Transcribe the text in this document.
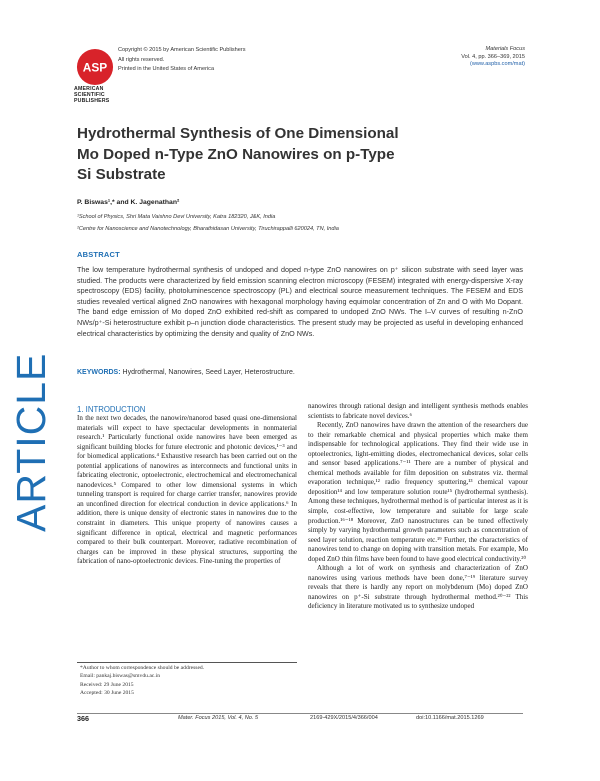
ASP
AMERICAN
SCIENTIFIC
PUBLISHERS
Copyright © 2015 by American Scientific Publishers
All rights reserved.
Printed in the United States of America
Materials Focus
Vol. 4, pp. 366–369, 2015
(www.aspbs.com/mat)
ARTICLE
Hydrothermal Synthesis of One Dimensional
Mo Doped n-Type ZnO Nanowires on p-Type
Si Substrate
P. Biswas¹,* and K. Jagenathan²
¹School of Physics, Shri Mata Vaishno Devi University, Katra 182320, J&K, India
²Centre for Nanoscience and Nanotechnology, Bharathidasan University, Tiruchirappalli 620024, TN, India
ABSTRACT
The low temperature hydrothermal synthesis of undoped and doped n-type ZnO nanowires on p⁺ silicon substrate with seed layer was studied. The products were characterized by field emission scanning electron microscopy (FESEM) integrated with energy-dispersive X-ray spectroscopy (EDS) facility, photoluminescence spectroscopy (PL) and electrical source measurement techniques. The FESEM and EDS studies revealed vertical aligned ZnO nanowires with hexagonal morphology having equimolar concentration of Zn and O with Mo Dopant. The band edge emission of Mo doped ZnO exhibited red-shift as compared to undoped ZnO NWs. The I–V curves of resulting n-ZnO NWs/p⁺-Si heterostructure exhibit p–n junction diode characteristics. The present study may be projected as useful in developing enhanced electrical characteristics by optimizing the density and quality of ZnO NWs.
KEYWORDS: Hydrothermal, Nanowires, Seed Layer, Heterostructure.
1. INTRODUCTION

In the next two decades, the nanowire/nanorod based quasi one-dimensional materials will expect to have spectacular developments in nonmaterial research.¹ Particularly functional oxide nanowires have been emerged as significant building blocks for future electronic and photonic devices,¹⁻³ and for biomedical applications.⁴ Exhaustive research has been carried out on the potential applications of nanowires as interconnects and functional units in fabricating electronic, optoelectronic, electrochemical and electromechanical nanodevices.⁵ Compared to other low dimensional systems in which tunneling transport is required for charge carrier transfer, nanowires provide an unconfined direction for electrical conduction in device applications.⁶ In addition, there is unique density of electronic states in nanowires due to the constraint in diameters. This unique property of nanowires causes a significant difference in optical, electrical and magnetic performances compared to their bulk counterpart. Moreover, radiative recombination of charges can be improved in these physical structures, supporting the fabrication of nano-optoelectronic devices. Fine-tuning the properties of

nanowires through rational design and intelligent synthesis methods enables scientists to fabricate novel devices.⁶

Recently, ZnO nanowires have drawn the attention of the researchers due to their remarkable chemical and physical properties which make them indispensable for technological applications. They find their wide use in optoelectronics, light-emitting diodes, electromechanical devices, solar cells and sensor based applications.⁷⁻¹¹ There are a number of physical and chemical methods available for film deposition on substrates viz. thermal evaporation technique,¹² radio frequency sputtering,¹³ chemical vapour deposition¹⁴ and low temperature solution route¹⁵ (hydrothermal synthesis). Among these techniques, hydrothermal method is of particular interest as it is simple, cost-effective, low temperature and suitable for large scale production.¹⁶⁻¹⁸ Moreover, ZnO nanostructures can be tuned effectively simply by varying hydrothermal growth parameters such as concentration of seed layer solution, reaction temperature etc.¹⁹ Further, the characteristics of nanowires tend to change on doping with transition metals. For example, Mo doped ZnO thin films have been found to have good electrical conductivity.²⁰

Although a lot of work on synthesis and characterization of ZnO nanowires using various methods have been done,⁷⁻¹⁹ literature survey reveals that there is hardly any report on molybdenum (Mo) doped ZnO nanowires on p⁺-Si substrate through hydrothermal method.²⁰⁻²² This deficiency in literature motivated us to synthesize undoped

*Author to whom correspondence should be addressed.
Email: pankaj.biswas@smvdu.ac.in
Received: 29 June 2015
Accepted: 30 June 2015
366	Mater. Focus 2015, Vol. 4, No. 5	2169-429X/2015/4/366/004	doi:10.1166/mat.2015.1269
